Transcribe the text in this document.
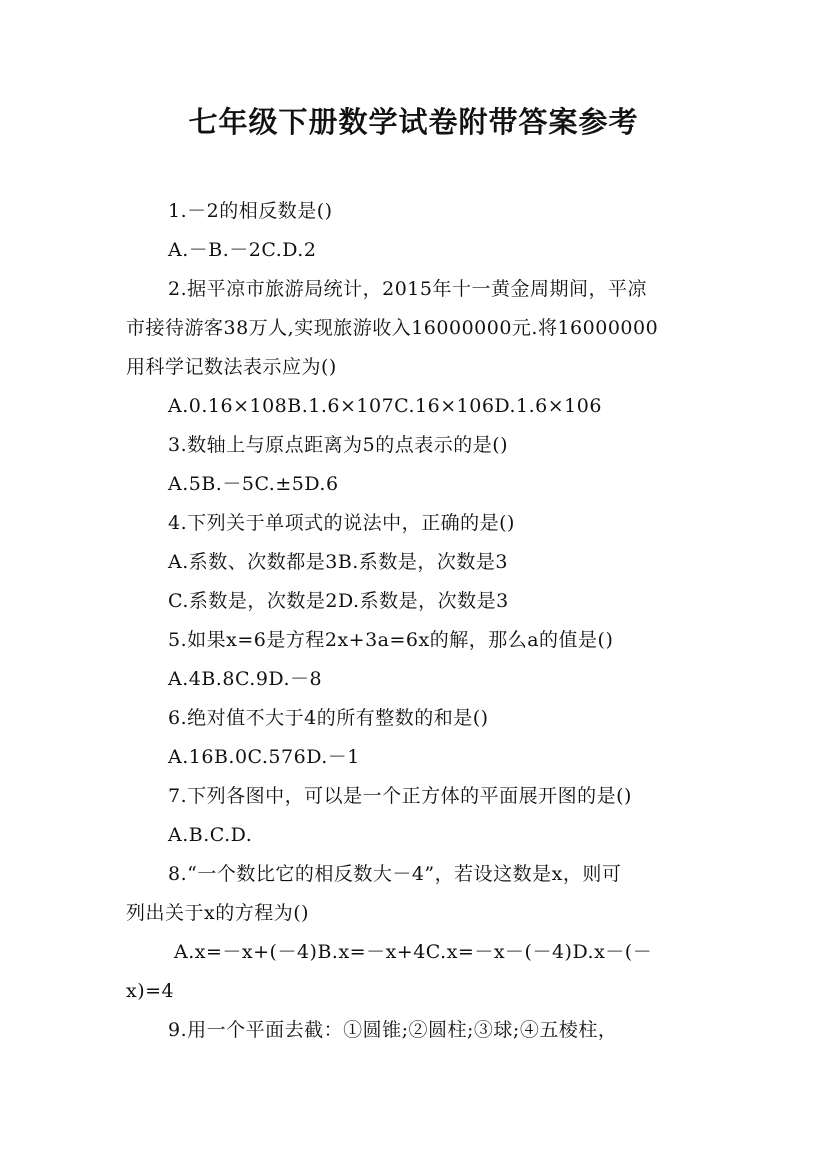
七年级下册数学试卷附带答案参考
1.－2的相反数是()
A.－B.－2C.D.2
2.据平凉市旅游局统计，2015年十一黄金周期间，平凉
市接待游客38万人,实现旅游收入16000000元.将16000000
用科学记数法表示应为()
A.0.16×108B.1.6×107C.16×106D.1.6×106
3.数轴上与原点距离为5的点表示的是()
A.5B.－5C.±5D.6
4.下列关于单项式的说法中，正确的是()
A.系数、次数都是3B.系数是，次数是3
C.系数是，次数是2D.系数是，次数是3
5.如果x=6是方程2x+3a=6x的解，那么a的值是()
A.4B.8C.9D.－8
6.绝对值不大于4的所有整数的和是()
A.16B.0C.576D.－1
7.下列各图中，可以是一个正方体的平面展开图的是()
A.B.C.D.
8.“一个数比它的相反数大－4”，若设这数是x，则可
列出关于x的方程为()
A.x=－x+(－4)B.x=－x+4C.x=－x－(－4)D.x－(－
x)=4
9.用一个平面去截：①圆锥;②圆柱;③球;④五棱柱，
